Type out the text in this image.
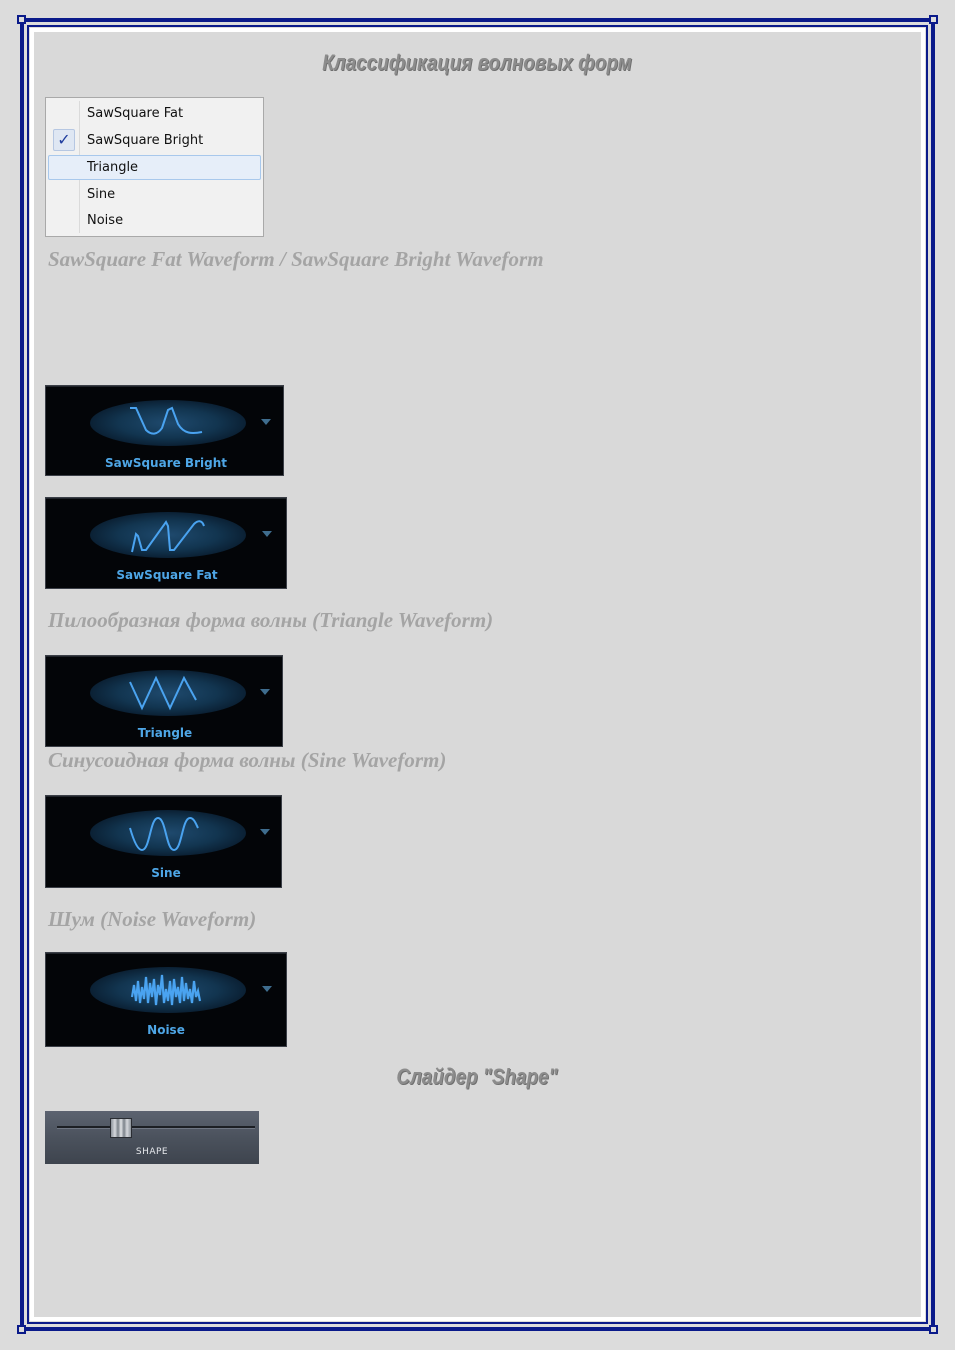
Классификация волновых форм
SawSquare Fat
✓	SawSquare Bright
Triangle
Sine
Noise
SawSquare Fat Waveform / SawSquare Bright Waveform
SawSquare Bright
SawSquare Fat
Пилообразная форма волны (Triangle Waveform)
Triangle
Синусоидная форма волны (Sine Waveform)
Sine
Шум (Noise Waveform)
Noise
Слайдер "Shape"
SHAPE
